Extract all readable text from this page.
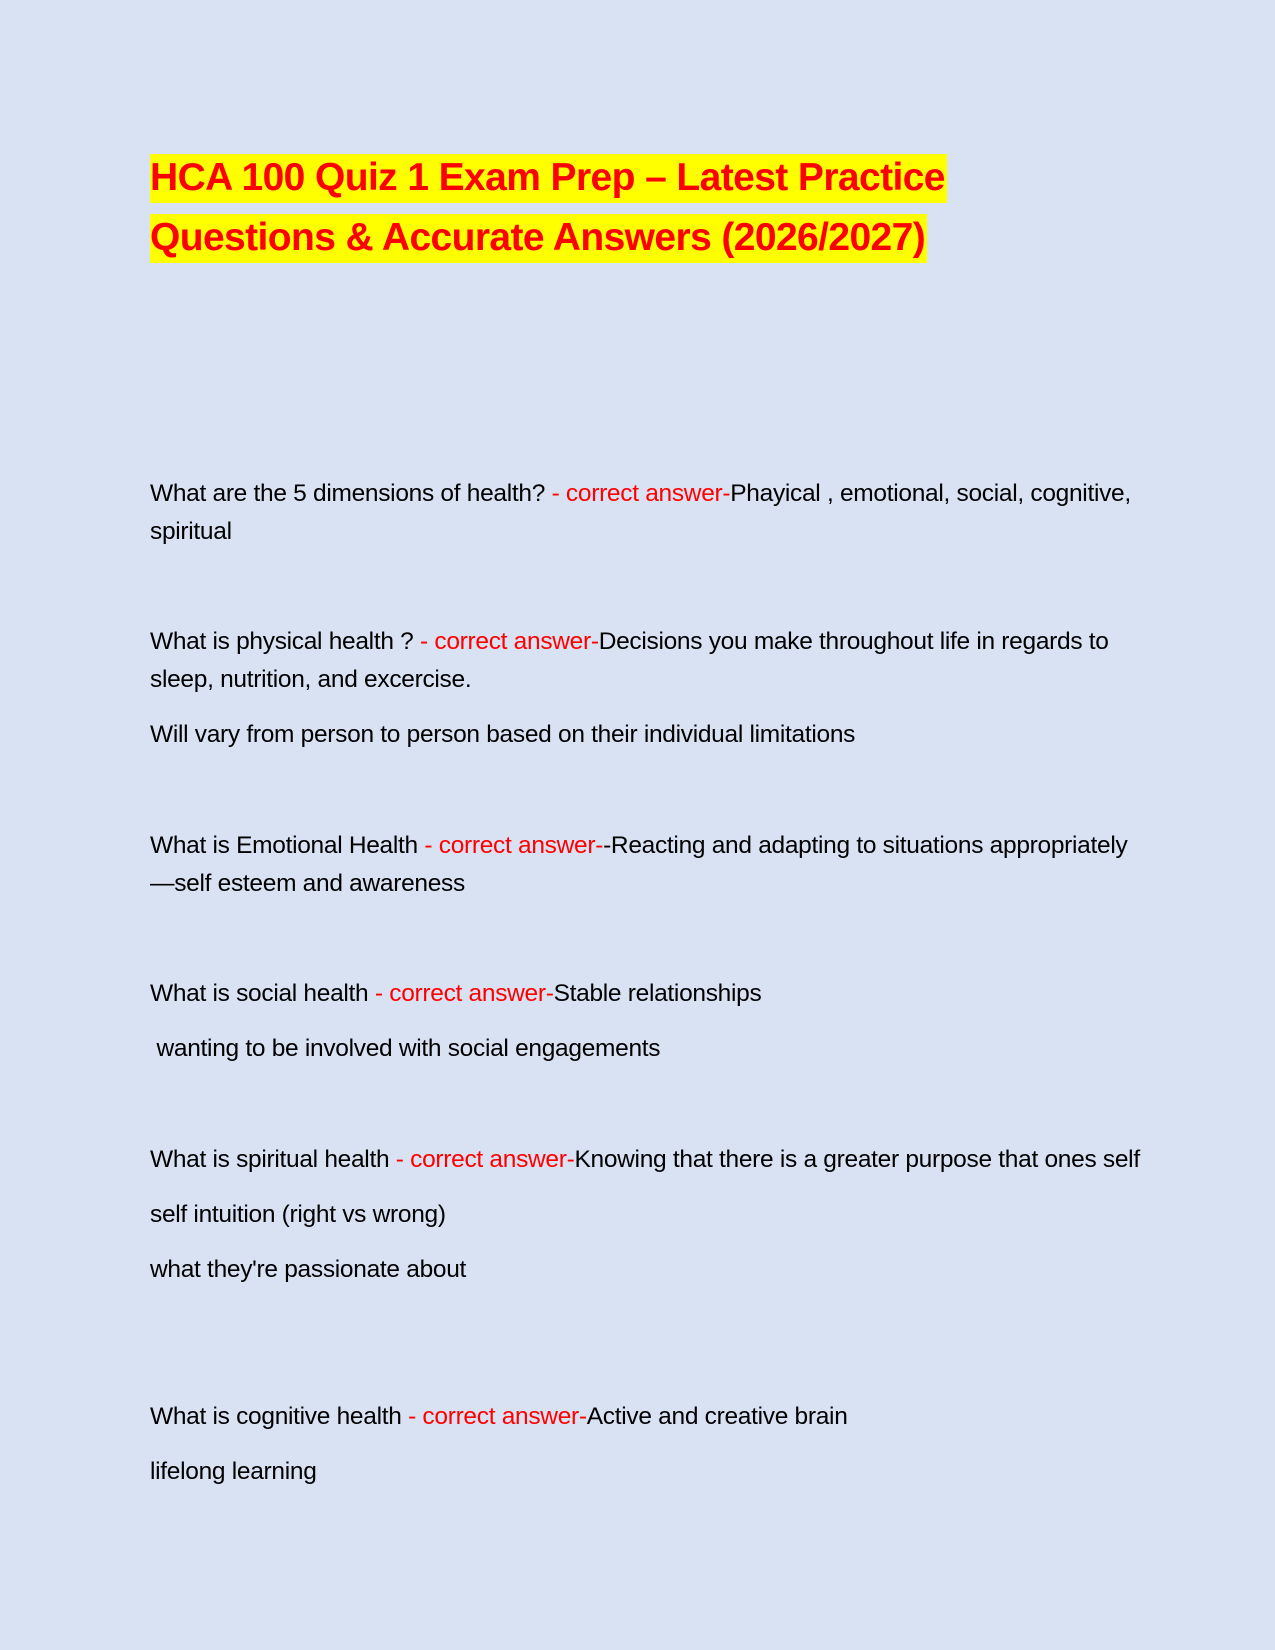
HCA 100 Quiz 1 Exam Prep – Latest Practice
Questions & Accurate Answers (2026/2027)

What are the 5 dimensions of health? - correct answer-Phayical , emotional, social, cognitive, spiritual

What is physical health ? - correct answer-Decisions you make throughout life in regards to sleep, nutrition, and excercise.

Will vary from person to person based on their individual limitations

What is Emotional Health - correct answer--Reacting and adapting to situations appropriately —self esteem and awareness

What is social health - correct answer-Stable relationships

wanting to be involved with social engagements

What is spiritual health - correct answer-Knowing that there is a greater purpose that ones self

self intuition (right vs wrong)

what they're passionate about

What is cognitive health - correct answer-Active and creative brain

lifelong learning
